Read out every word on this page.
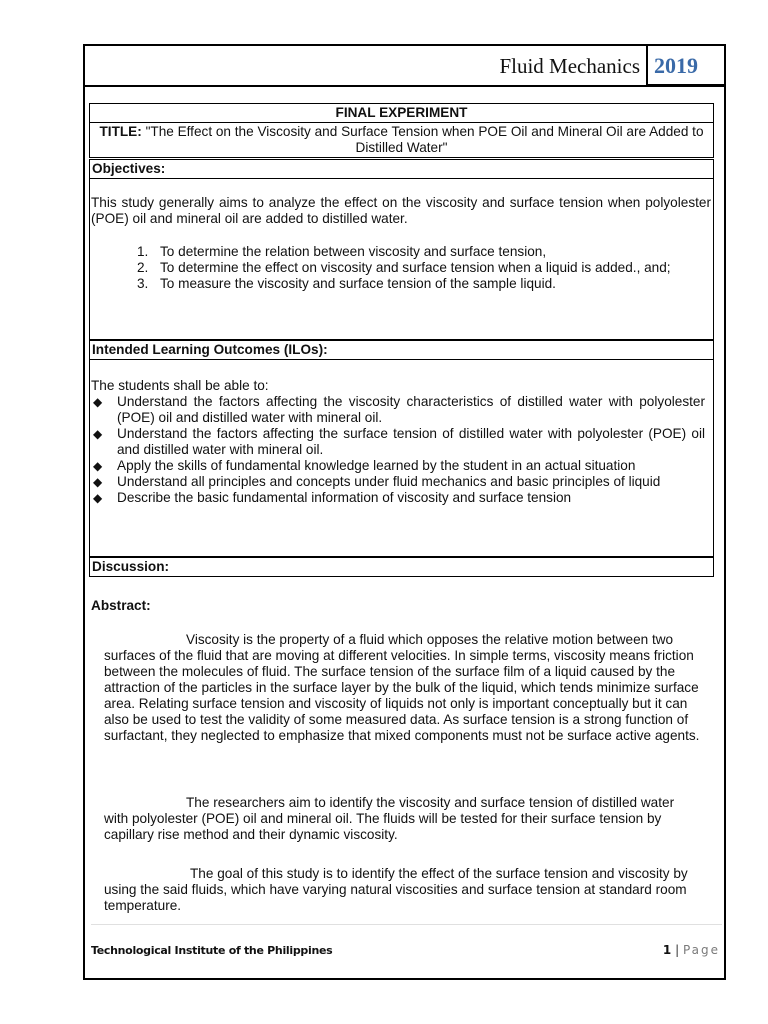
Fluid Mechanics 2019
FINAL EXPERIMENT
TITLE: "The Effect on the Viscosity and Surface Tension when POE Oil and Mineral Oil are Added to Distilled Water"
Objectives:

This study generally aims to analyze the effect on the viscosity and surface tension when polyolester (POE) oil and mineral oil are added to distilled water.

1. To determine the relation between viscosity and surface tension,
2. To determine the effect on viscosity and surface tension when a liquid is added., and;
3. To measure the viscosity and surface tension of the sample liquid.
Intended Learning Outcomes (ILOs):

The students shall be able to:

◆ Understand the factors affecting the viscosity characteristics of distilled water with polyolester (POE) oil and distilled water with mineral oil.
◆ Understand the factors affecting the surface tension of distilled water with polyolester (POE) oil and distilled water with mineral oil.
◆ Apply the skills of fundamental knowledge learned by the student in an actual situation
◆ Understand all principles and concepts under fluid mechanics and basic principles of liquid
◆ Describe the basic fundamental information of viscosity and surface tension
Discussion:
Abstract:

Viscosity is the property of a fluid which opposes the relative motion between two surfaces of the fluid that are moving at different velocities. In simple terms, viscosity means friction between the molecules of fluid. The surface tension of the surface film of a liquid caused by the attraction of the particles in the surface layer by the bulk of the liquid, which tends minimize surface area. Relating surface tension and viscosity of liquids not only is important conceptually but it can also be used to test the validity of some measured data. As surface tension is a strong function of surfactant, they neglected to emphasize that mixed components must not be surface active agents.

The researchers aim to identify the viscosity and surface tension of distilled water with polyolester (POE) oil and mineral oil. The fluids will be tested for their surface tension by capillary rise method and their dynamic viscosity.

The goal of this study is to identify the effect of the surface tension and viscosity by using the said fluids, which have varying natural viscosities and surface tension at standard room temperature.

Technological Institute of the Philippines	1 | Page
